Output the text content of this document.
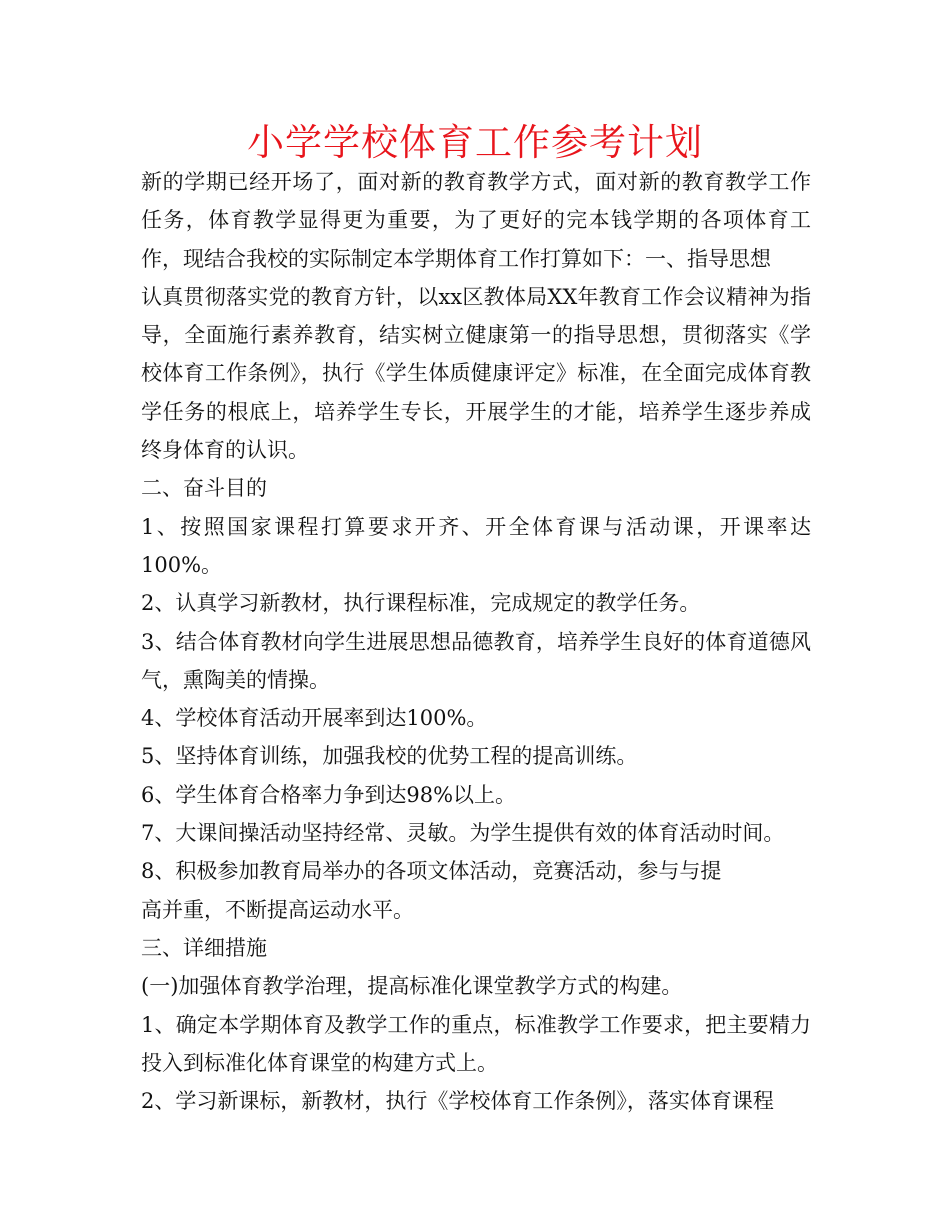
小学学校体育工作参考计划

新的学期已经开场了，面对新的教育教学方式，面对新的教育教学工作任务，体育教学显得更为重要，为了更好的完本钱学期的各项体育工作，现结合我校的实际制定本学期体育工作打算如下：一、指导思想

认真贯彻落实党的教育方针，以xx区教体局XX年教育工作会议精神为指导，全面施行素养教育，结实树立健康第一的指导思想，贯彻落实《学校体育工作条例》，执行《学生体质健康评定》标准，在全面完成体育教学任务的根底上，培养学生专长，开展学生的才能，培养学生逐步养成终身体育的认识。

二、奋斗目的

1、按照国家课程打算要求开齐、开全体育课与活动课，开课率达100%。

2、认真学习新教材，执行课程标准，完成规定的教学任务。

3、结合体育教材向学生进展思想品德教育，培养学生良好的体育道德风气，熏陶美的情操。

4、学校体育活动开展率到达100%。

5、坚持体育训练，加强我校的优势工程的提高训练。

6、学生体育合格率力争到达98%以上。

7、大课间操活动坚持经常、灵敏。为学生提供有效的体育活动时间。

8、积极参加教育局举办的各项文体活动，竞赛活动，参与与提

高并重，不断提高运动水平。

三、详细措施

(一)加强体育教学治理，提高标准化课堂教学方式的构建。

1、确定本学期体育及教学工作的重点，标准教学工作要求，把主要精力投入到标准化体育课堂的构建方式上。

2、学习新课标，新教材，执行《学校体育工作条例》，落实体育课程
